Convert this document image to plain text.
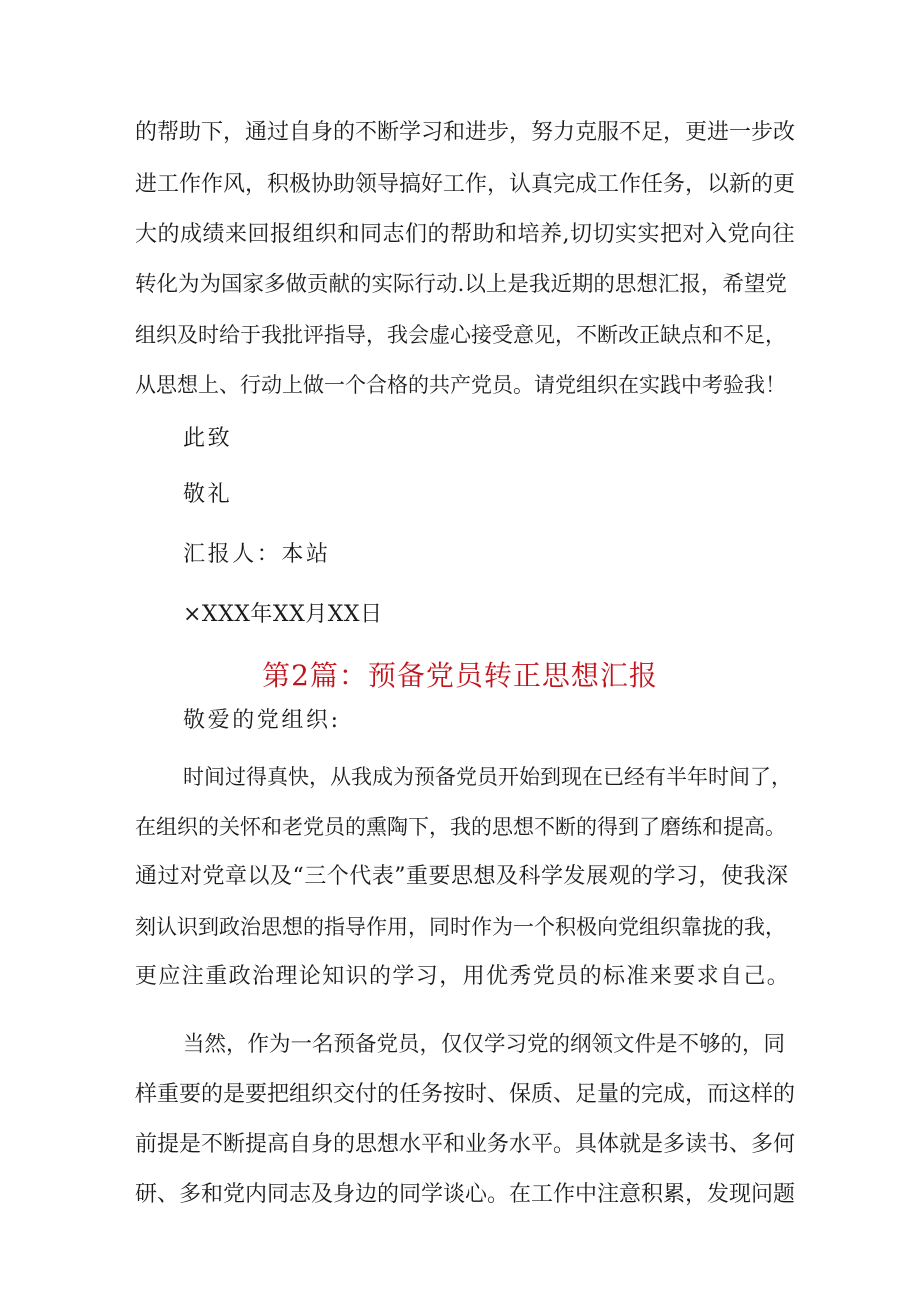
的帮助下，通过自身的不断学习和进步，努力克服不足，更进一步改
进工作作风，积极协助领导搞好工作，认真完成工作任务，以新的更
大的成绩来回报组织和同志们的帮助和培养,切切实实把对入党向往
转化为为国家多做贡献的实际行动.以上是我近期的思想汇报，希望党
组织及时给于我批评指导，我会虚心接受意见，不断改正缺点和不足，
从思想上、行动上做一个合格的共产党员。请党组织在实践中考验我！
此致
敬礼
汇报人：本站
×XXX年XX月XX日
第2篇：预备党员转正思想汇报
敬爱的党组织:
时间过得真快，从我成为预备党员开始到现在已经有半年时间了，
在组织的关怀和老党员的熏陶下，我的思想不断的得到了磨练和提高。
通过对党章以及“三个代表”重要思想及科学发展观的学习，使我深
刻认识到政治思想的指导作用，同时作为一个积极向党组织靠拢的我，
更应注重政治理论知识的学习，用优秀党员的标准来要求自己。
当然，作为一名预备党员，仅仅学习党的纲领文件是不够的，同
样重要的是要把组织交付的任务按时、保质、足量的完成，而这样的
前提是不断提高自身的思想水平和业务水平。具体就是多读书、多何
研、多和党内同志及身边的同学谈心。在工作中注意积累，发现问题
